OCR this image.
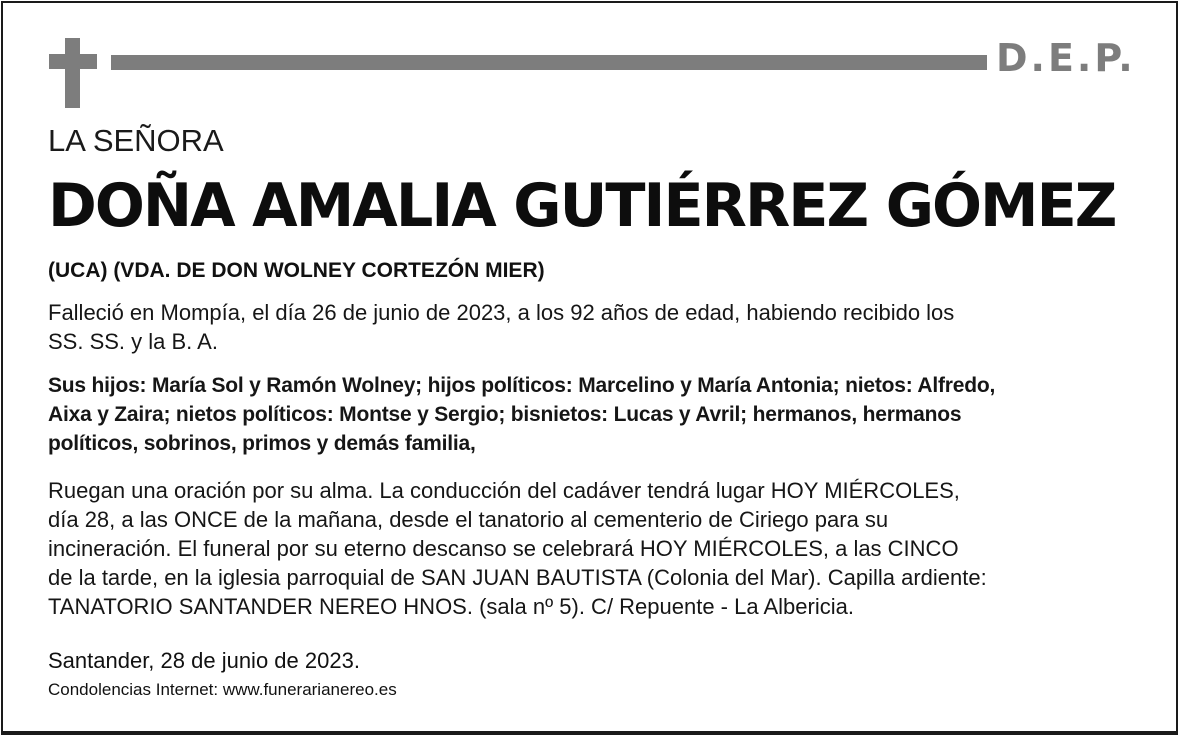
D.E.P.
LA SEÑORA
DOÑA AMALIA GUTIÉRREZ GÓMEZ
(UCA) (VDA. DE DON WOLNEY CORTEZÓN MIER)
Falleció en Mompía, el día 26 de junio de 2023, a los 92 años de edad, habiendo recibido los
SS. SS. y la B. A.
Sus hijos: María Sol y Ramón Wolney; hijos políticos: Marcelino y María Antonia; nietos: Alfredo,
Aixa y Zaira; nietos políticos: Montse y Sergio; bisnietos: Lucas y Avril; hermanos, hermanos
políticos, sobrinos, primos y demás familia,
Ruegan una oración por su alma. La conducción del cadáver tendrá lugar HOY MIÉRCOLES,
día 28, a las ONCE de la mañana, desde el tanatorio al cementerio de Ciriego para su
incineración. El funeral por su eterno descanso se celebrará HOY MIÉRCOLES, a las CINCO
de la tarde, en la iglesia parroquial de SAN JUAN BAUTISTA (Colonia del Mar). Capilla ardiente:
TANATORIO SANTANDER NEREO HNOS. (sala nº 5). C/ Repuente - La Albericia.
Santander, 28 de junio de 2023.
Condolencias Internet: www.funerarianereo.es
